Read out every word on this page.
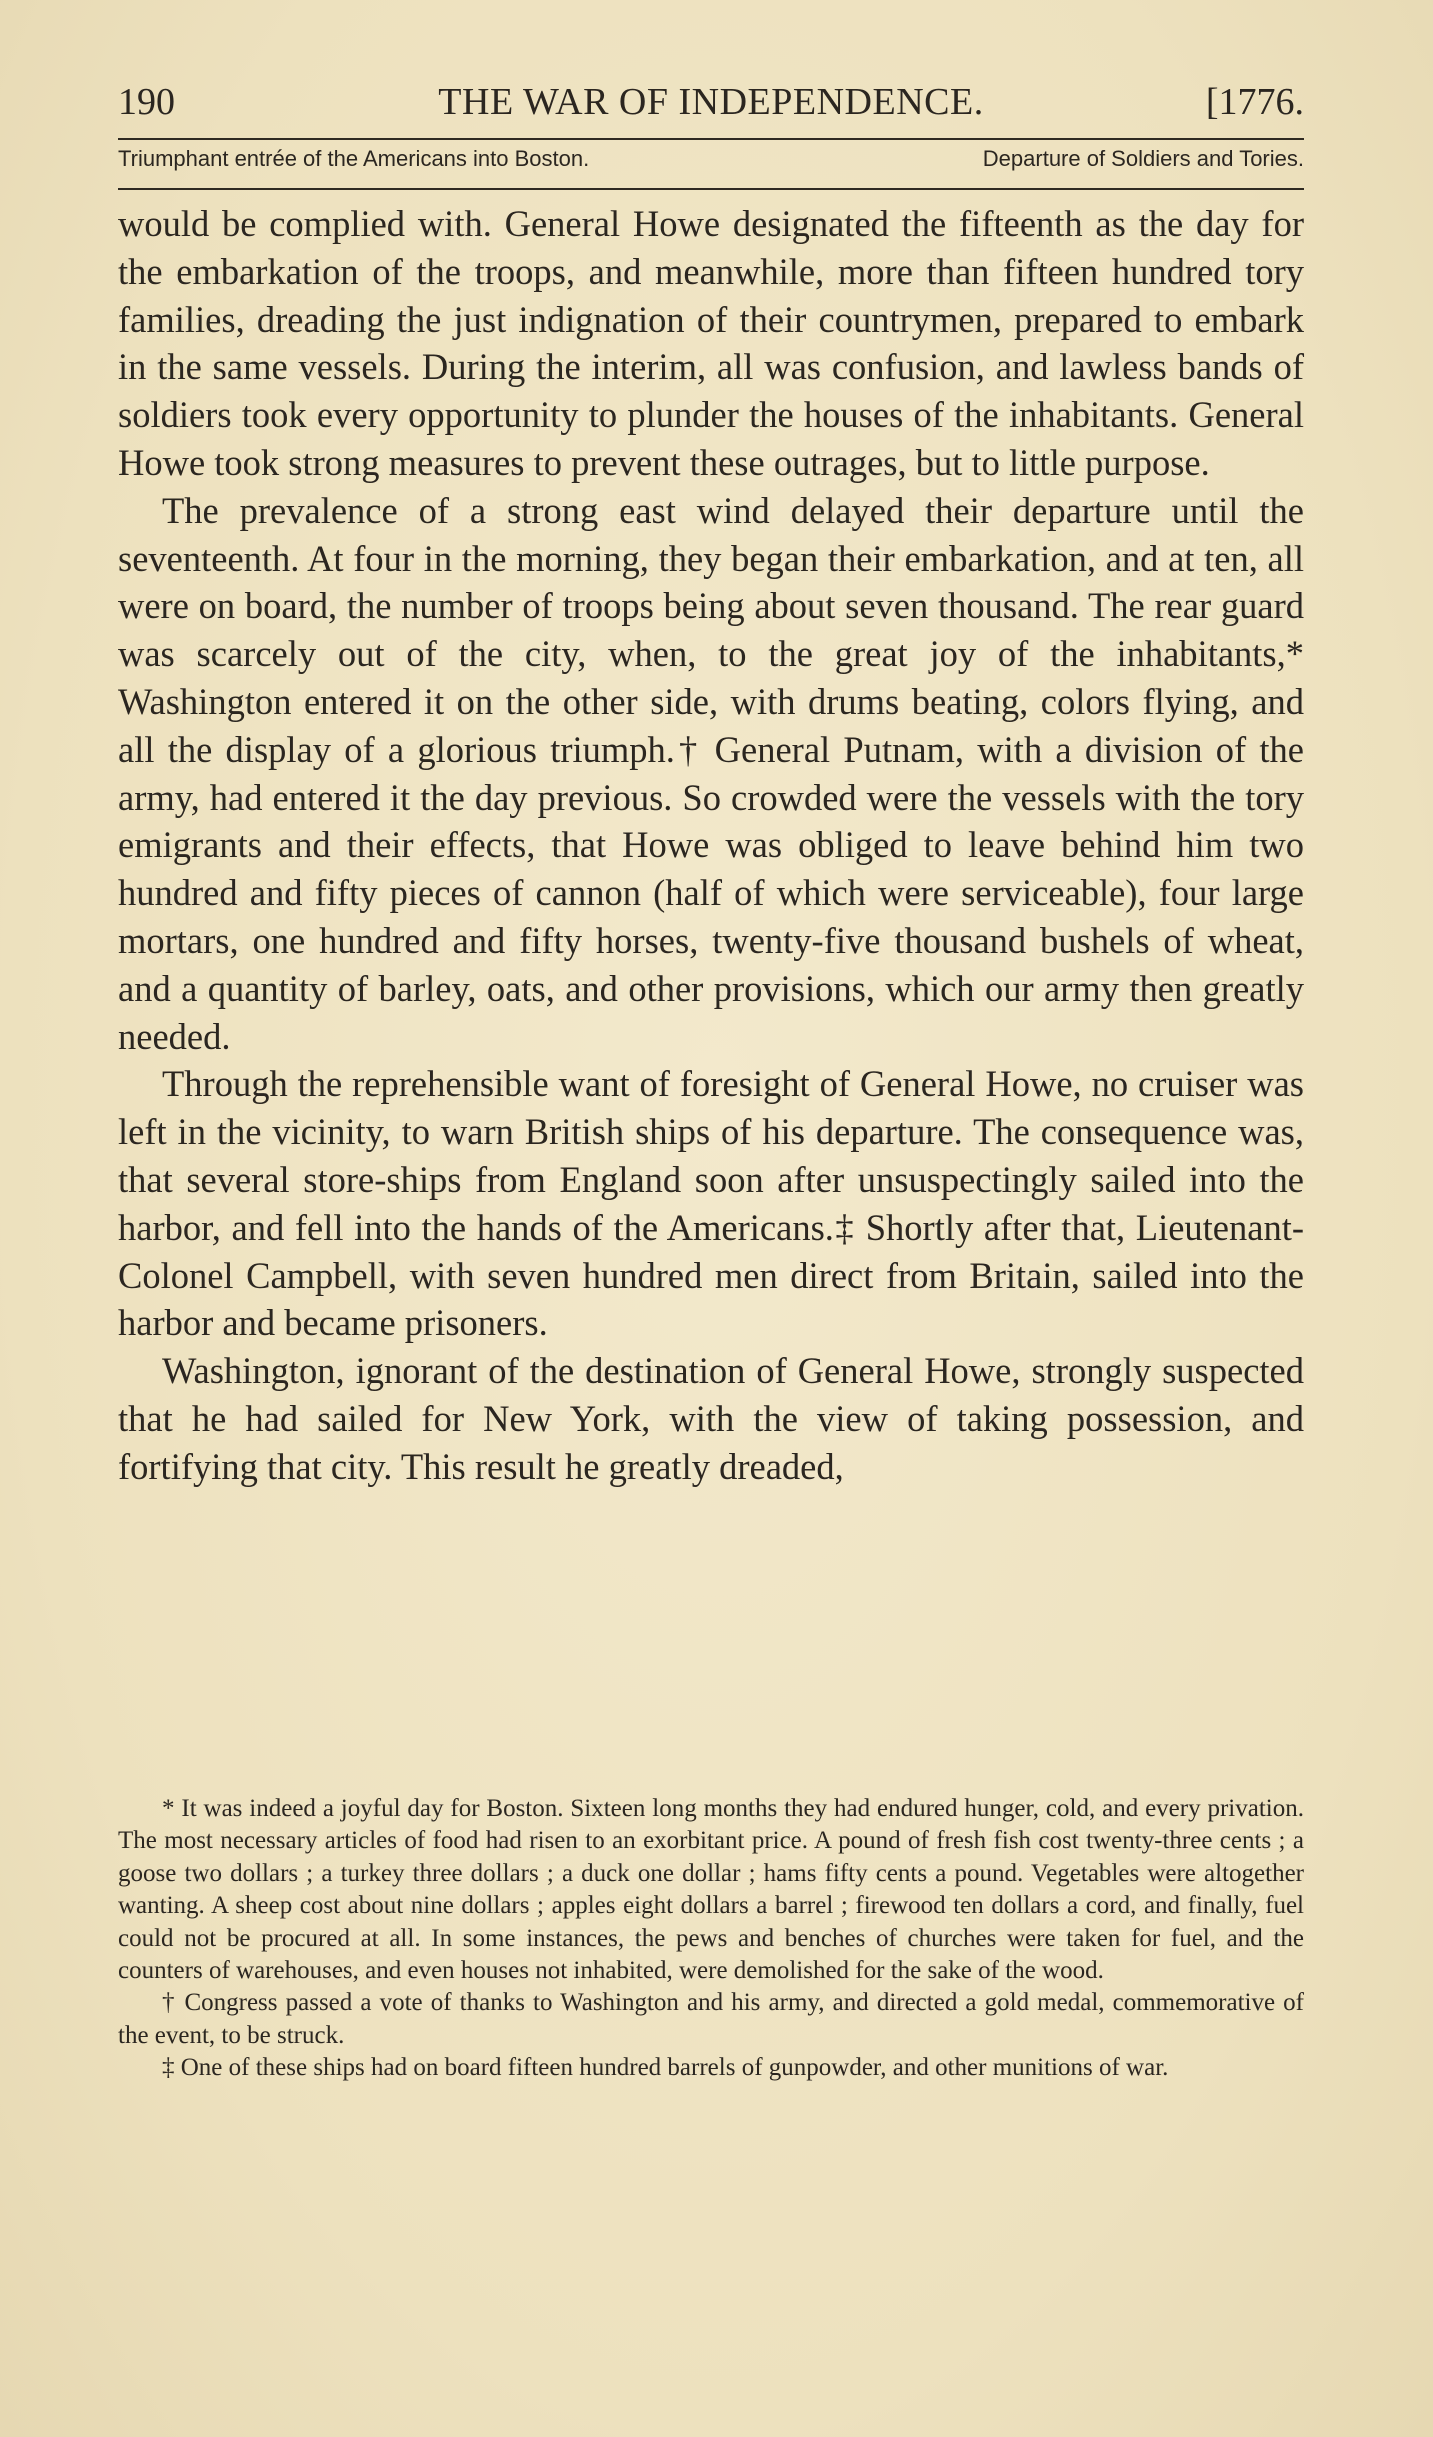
190	THE WAR OF INDEPENDENCE.	[1776.
Triumphant entrée of the Americans into Boston.	Departure of Soldiers and Tories.

would be complied with. General Howe designated the fifteenth as the day for the embarkation of the troops, and meanwhile, more than fifteen hundred tory families, dreading the just indignation of their countrymen, prepared to embark in the same vessels. During the interim, all was confusion, and lawless bands of soldiers took every opportunity to plunder the houses of the inhabitants. General Howe took strong measures to prevent these outrages, but to little purpose.

The prevalence of a strong east wind delayed their departure until the seventeenth. At four in the morning, they began their embarkation, and at ten, all were on board, the number of troops being about seven thousand. The rear guard was scarcely out of the city, when, to the great joy of the inhabitants,* Washington entered it on the other side, with drums beating, colors flying, and all the display of a glorious triumph.† General Putnam, with a division of the army, had entered it the day previous. So crowded were the vessels with the tory emigrants and their effects, that Howe was obliged to leave behind him two hundred and fifty pieces of cannon (half of which were serviceable), four large mortars, one hundred and fifty horses, twenty-five thousand bushels of wheat, and a quantity of barley, oats, and other provisions, which our army then greatly needed.

Through the reprehensible want of foresight of General Howe, no cruiser was left in the vicinity, to warn British ships of his departure. The consequence was, that several store-ships from England soon after unsuspectingly sailed into the harbor, and fell into the hands of the Americans.‡ Shortly after that, Lieutenant-Colonel Campbell, with seven hundred men direct from Britain, sailed into the harbor and became prisoners.

Washington, ignorant of the destination of General Howe, strongly suspected that he had sailed for New York, with the view of taking possession, and fortifying that city. This result he greatly dreaded,

* It was indeed a joyful day for Boston. Sixteen long months they had endured hunger, cold, and every privation. The most necessary articles of food had risen to an exorbitant price. A pound of fresh fish cost twenty-three cents ; a goose two dollars ; a turkey three dollars ; a duck one dollar ; hams fifty cents a pound. Vegetables were altogether wanting. A sheep cost about nine dollars ; apples eight dollars a barrel ; firewood ten dollars a cord, and finally, fuel could not be procured at all. In some instances, the pews and benches of churches were taken for fuel, and the counters of warehouses, and even houses not inhabited, were demolished for the sake of the wood.

† Congress passed a vote of thanks to Washington and his army, and directed a gold medal, commemorative of the event, to be struck.

‡ One of these ships had on board fifteen hundred barrels of gunpowder, and other munitions of war.
